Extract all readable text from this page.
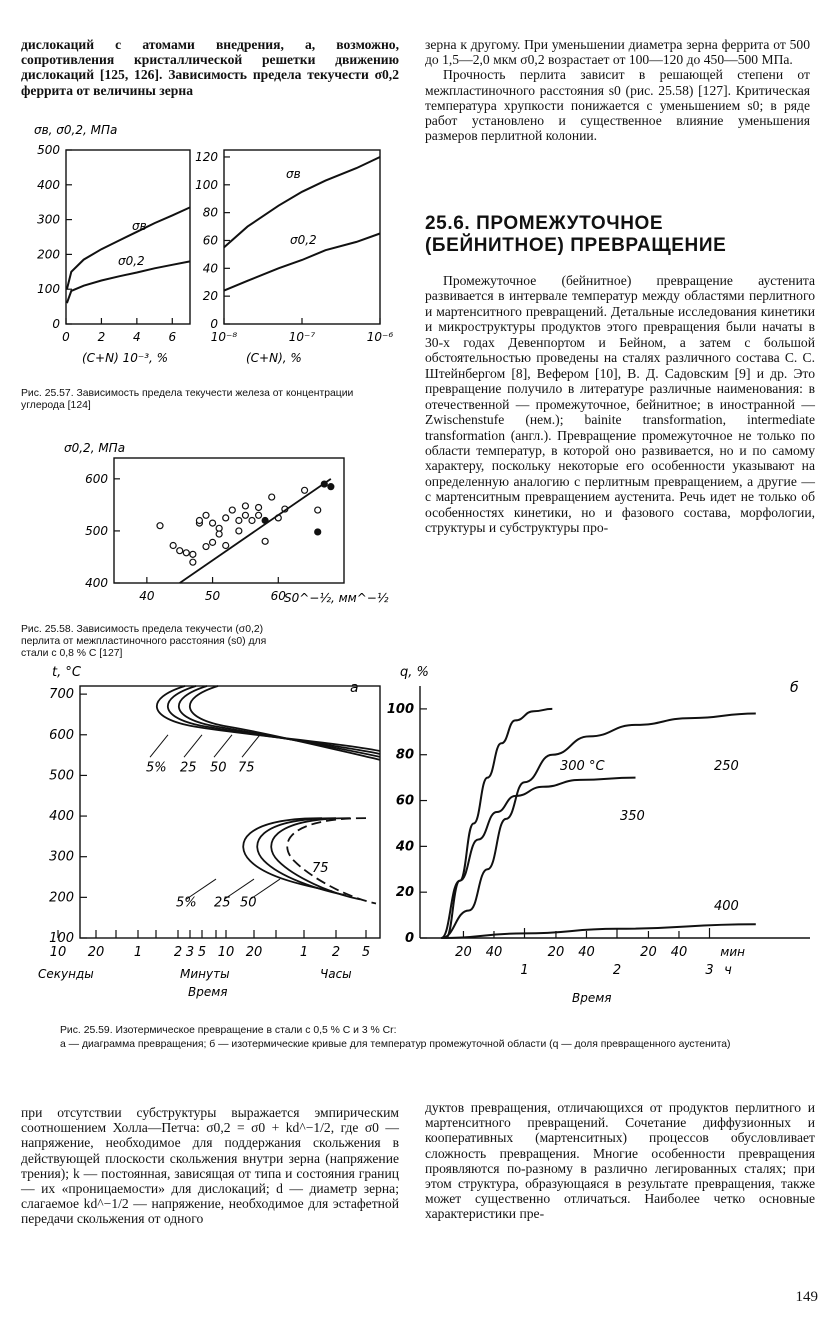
дислокаций с атомами внедрения, а, возможно, сопротивления кристаллической решетки движению дислокаций [125, 126]. Зависимость предела текучести σ0,2 феррита от величины зерна

зерна к другому. При уменьшении диаметра зерна феррита от 500 до 1,5—2,0 мкм σ0,2 возрастает от 100—120 до 450—500 МПа.

Прочность перлита зависит в решающей степени от межпластиночного расстояния s0 (рис. 25.58) [127]. Критическая температура хрупкости понижается с уменьшением s0; в ряде работ установлено и существенное влияние уменьшения размеров перлитной колонии.

25.6. ПРОМЕЖУТОЧНОЕ
(БЕЙНИТНОЕ) ПРЕВРАЩЕНИЕ

Промежуточное (бейнитное) превращение аустенита развивается в интервале температур между областями перлитного и мартенситного превращений. Детальные исследования кинетики и микроструктуры продуктов этого превращения были начаты в 30-х годах Девенпортом и Бейном, а затем с большой обстоятельностью проведены на сталях различного состава С. С. Штейнбергом [8], Вефером [10], В. Д. Садовским [9] и др. Это превращение получило в литературе различные наименования: в отечественной — промежуточное, бейнитное; в иностранной — Zwischenstufe (нем.); bainite transformation, intermediate transformation (англ.). Превращение промежуточное не только по области температур, в которой оно развивается, но и по самому характеру, поскольку некоторые его особенности указывают на определенную аналогию с перлитным превращением, а другие — с мартенситным превращением аустенита. Речь идет не только об особенностях кинетики, но и фазового состава, морфологии, структуры и субструктуры про-

σв, σ0,2, МПа
500
400
300
200
100
0
0 2 4 6
σв
σ0,2
120
100
80
60
40
20
0
10⁻⁸	10⁻⁷	10⁻⁶
σв
σ0,2
(C+N) 10⁻³, %	(C+N), %
Рис. 25.57. Зависимость предела текучести железа от концентрации углерода [124]
σ0,2, МПа
600
500
400
40	50	60
S0^−½, мм^−½
Рис. 25.58. Зависимость предела текучести (σ0,2)
перлита от межпластиночного расстояния (s0) для
стали с 0,8 % С [127]
t, °C
а
700
600
500
400
300
200
100
10 20 1 2 3 5 10 20	1 2 5
5% 25 50 75
5% 25 50
75
Секунды	Минуты	Часы
Время
q, %
б
100
80
60
40
20
0
20 40	20 40	20 40	мин
1	2	3 ч
300 °C	250
350
400
Время
Рис. 25.59. Изотермическое превращение в стали с 0,5 % С и 3 % Cr:
а — диаграмма превращения; б — изотермические кривые для температур промежуточной области (q — доля превращенного аустенита)

при отсутствии субструктуры выражается эмпирическим соотношением Холла—Петча: σ0,2 = σ0 + kd^−1/2, где σ0 — напряжение, необходимое для поддержания скольжения в действующей плоскости скольжения внутри зерна (напряжение трения); k — постоянная, зависящая от типа и состояния границ — их «проницаемости» для дислокаций; d — диаметр зерна; слагаемое kd^−1/2 — напряжение, необходимое для эстафетной передачи скольжения от одного

дуктов превращения, отличающихся от продуктов перлитного и мартенситного превращений. Сочетание диффузионных и кооперативных (мартенситных) процессов обусловливает сложность превращения. Многие особенности превращения проявляются по-разному в различно легированных сталях; при этом структура, образующаяся в результате превращения, также может существенно отличаться. Наиболее четко основные характеристики пре-

149
